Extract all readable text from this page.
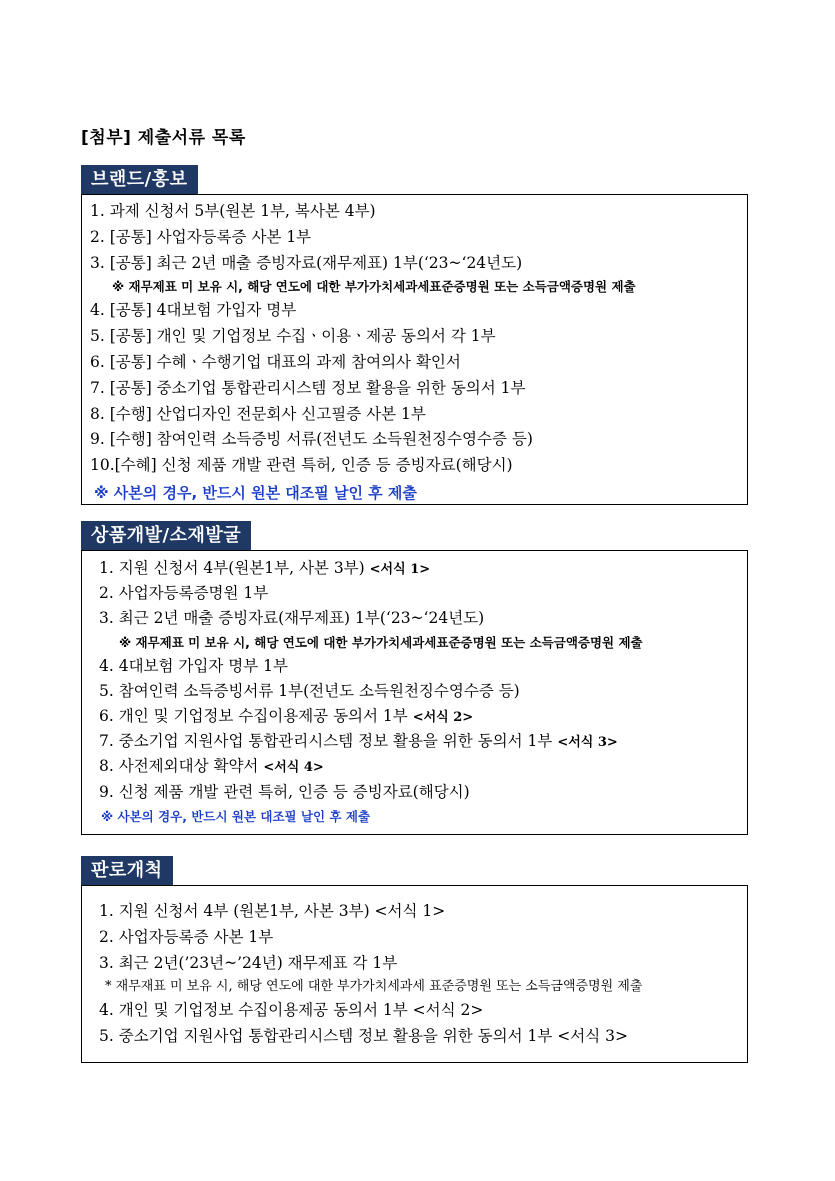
[첨부] 제출서류 목록
브랜드/홍보
1. 과제 신청서 5부(원본 1부, 복사본 4부)
2. [공통] 사업자등록증 사본 1부
3. [공통] 최근 2년 매출 증빙자료(재무제표) 1부(‘23~‘24년도)
※ 재무제표 미 보유 시, 해당 연도에 대한 부가가치세과세표준증명원 또는 소득금액증명원 제출
4. [공통] 4대보험 가입자 명부
5. [공통] 개인 및 기업정보 수집ㆍ이용ㆍ제공 동의서 각 1부
6. [공통] 수혜ㆍ수행기업 대표의 과제 참여의사 확인서
7. [공통] 중소기업 통합관리시스템 정보 활용을 위한 동의서 1부
8. [수행] 산업디자인 전문회사 신고필증 사본 1부
9. [수행] 참여인력 소득증빙 서류(전년도 소득원천징수영수증 등)
10.[수혜] 신청 제품 개발 관련 특허, 인증 등 증빙자료(해당시)
※ 사본의 경우, 반드시 원본 대조필 날인 후 제출
상품개발/소재발굴
1. 지원 신청서 4부(원본1부, 사본 3부) <서식 1>
2. 사업자등록증명원 1부
3. 최근 2년 매출 증빙자료(재무제표) 1부(‘23~‘24년도)
※ 재무제표 미 보유 시, 해당 연도에 대한 부가가치세과세표준증명원 또는 소득금액증명원 제출
4. 4대보험 가입자 명부 1부
5. 참여인력 소득증빙서류 1부(전년도 소득원천징수영수증 등)
6. 개인 및 기업정보 수집이용제공 동의서 1부 <서식 2>
7. 중소기업 지원사업 통합관리시스템 정보 활용을 위한 동의서 1부 <서식 3>
8. 사전제외대상 확약서 <서식 4>
9. 신청 제품 개발 관련 특허, 인증 등 증빙자료(해당시)
※ 사본의 경우, 반드시 원본 대조필 날인 후 제출
판로개척
1. 지원 신청서 4부 (원본1부, 사본 3부) <서식 1>
2. 사업자등록증 사본 1부
3. 최근 2년(’23년~’24년) 재무제표 각 1부
* 재무재표 미 보유 시, 해당 연도에 대한 부가가치세과세 표준증명원 또는 소득금액증명원 제출
4. 개인 및 기업정보 수집이용제공 동의서 1부 <서식 2>
5. 중소기업 지원사업 통합관리시스템 정보 활용을 위한 동의서 1부 <서식 3>
